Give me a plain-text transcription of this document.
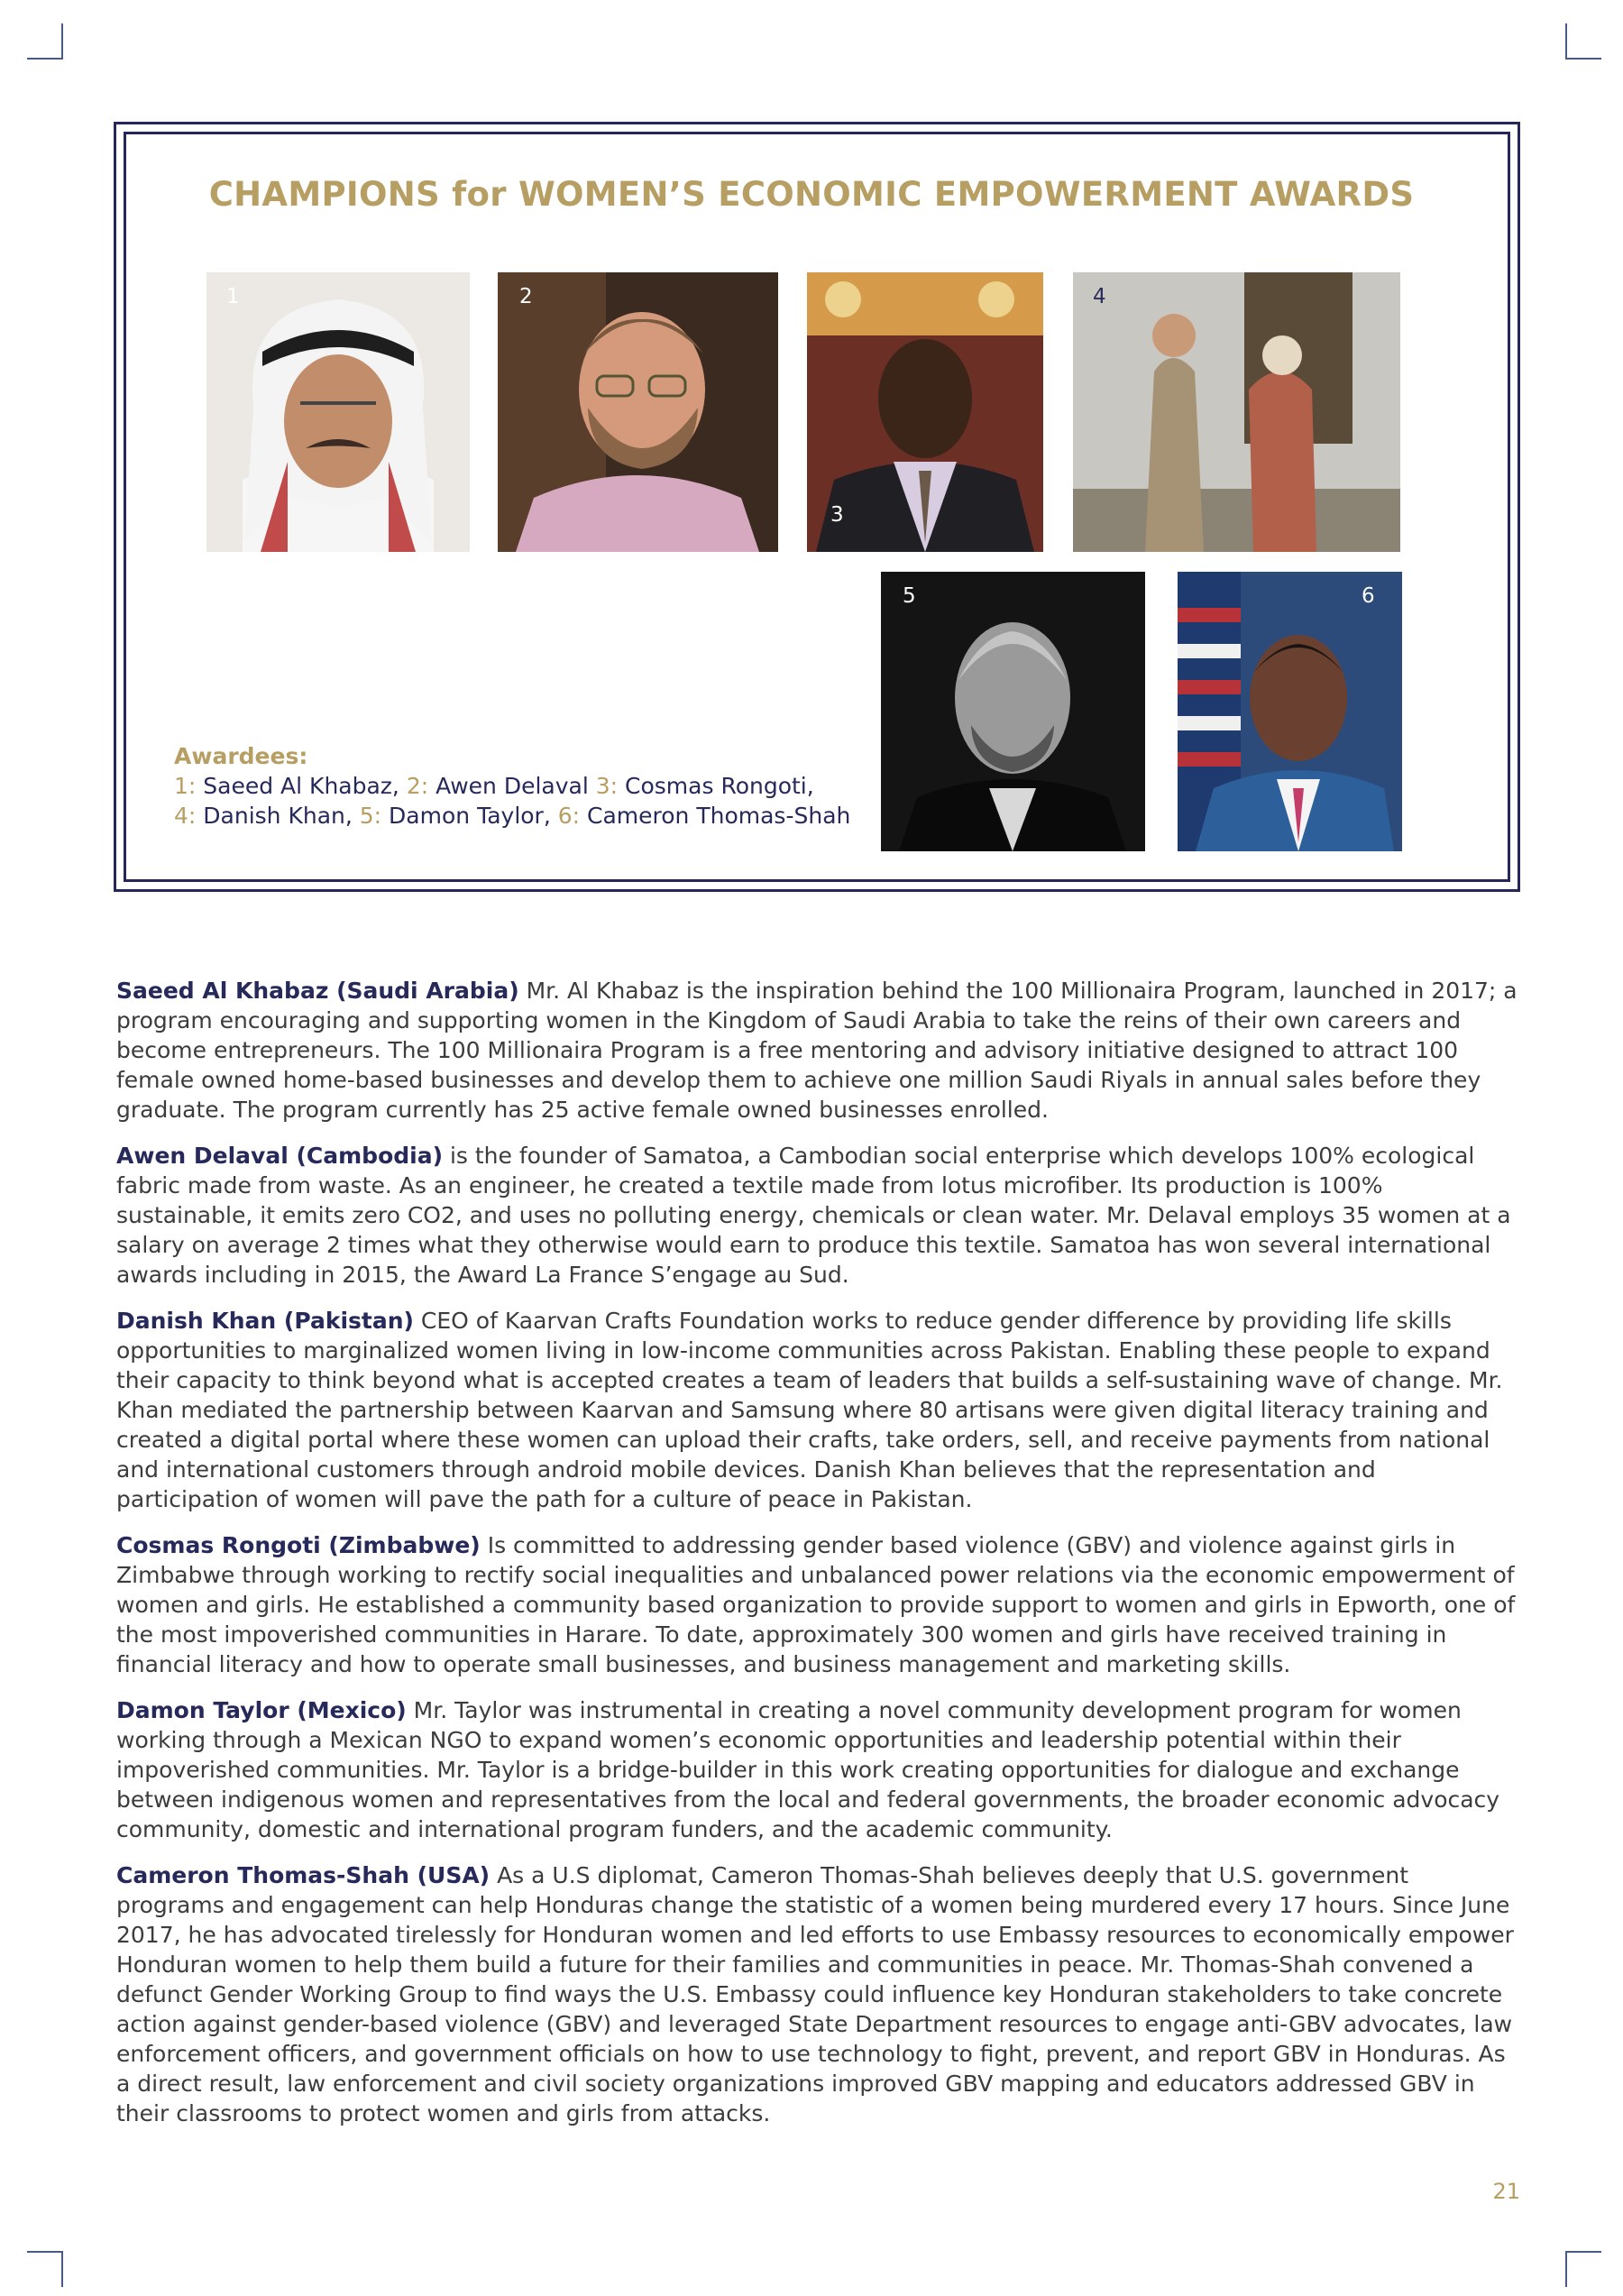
CHAMPIONS for WOMEN’S ECONOMIC EMPOWERMENT AWARDS
1	2
3
4
5	6
Awardees:
1: Saeed Al Khabaz, 2: Awen Delaval 3: Cosmas Rongoti,
4: Danish Khan, 5: Damon Taylor, 6: Cameron Thomas-Shah

Saeed Al Khabaz (Saudi Arabia) Mr. Al Khabaz is the inspiration behind the 100 Millionaira Program, launched in 2017; a program encouraging and supporting women in the Kingdom of Saudi Arabia to take the reins of their own careers and become entrepreneurs. The 100 Millionaira Program is a free mentoring and advisory initiative designed to attract 100 female owned home-based businesses and develop them to achieve one million Saudi Riyals in annual sales before they graduate. The program currently has 25 active female owned businesses enrolled.

Awen Delaval (Cambodia) is the founder of Samatoa, a Cambodian social enterprise which develops 100% ecological fabric made from waste. As an engineer, he created a textile made from lotus microfiber. Its production is 100% sustainable, it emits zero CO2, and uses no polluting energy, chemicals or clean water. Mr. Delaval employs 35 women at a salary on average 2 times what they otherwise would earn to produce this textile. Samatoa has won several international awards including in 2015, the Award La France S’engage au Sud.

Danish Khan (Pakistan) CEO of Kaarvan Crafts Foundation works to reduce gender difference by providing life skills opportunities to marginalized women living in low-income communities across Pakistan. Enabling these people to expand their capacity to think beyond what is accepted creates a team of leaders that builds a self-sustaining wave of change. Mr. Khan mediated the partnership between Kaarvan and Samsung where 80 artisans were given digital literacy training and created a digital portal where these women can upload their crafts, take orders, sell, and receive payments from national and international customers through android mobile devices. Danish Khan believes that the representation and participation of women will pave the path for a culture of peace in Pakistan.

Cosmas Rongoti (Zimbabwe) Is committed to addressing gender based violence (GBV) and violence against girls in Zimbabwe through working to rectify social inequalities and unbalanced power relations via the economic empowerment of women and girls. He established a community based organization to provide support to women and girls in Epworth, one of the most impoverished communities in Harare. To date, approximately 300 women and girls have received training in financial literacy and how to operate small businesses, and business management and marketing skills.

Damon Taylor (Mexico) Mr. Taylor was instrumental in creating a novel community development program for women working through a Mexican NGO to expand women’s economic opportunities and leadership potential within their impoverished communities. Mr. Taylor is a bridge-builder in this work creating opportunities for dialogue and exchange between indigenous women and representatives from the local and federal governments, the broader economic advocacy community, domestic and international program funders, and the academic community.

Cameron Thomas-Shah (USA) As a U.S diplomat, Cameron Thomas-Shah believes deeply that U.S. government programs and engagement can help Honduras change the statistic of a women being murdered every 17 hours. Since June 2017, he has advocated tirelessly for Honduran women and led efforts to use Embassy resources to economically empower Honduran women to help them build a future for their families and communities in peace. Mr. Thomas-Shah convened a defunct Gender Working Group to find ways the U.S. Embassy could influence key Honduran stakeholders to take concrete action against gender-based violence (GBV) and leveraged State Department resources to engage anti-GBV advocates, law enforcement officers, and government officials on how to use technology to fight, prevent, and report GBV in Honduras. As a direct result, law enforcement and civil society organizations improved GBV mapping and educators addressed GBV in their classrooms to protect women and girls from attacks.

21
